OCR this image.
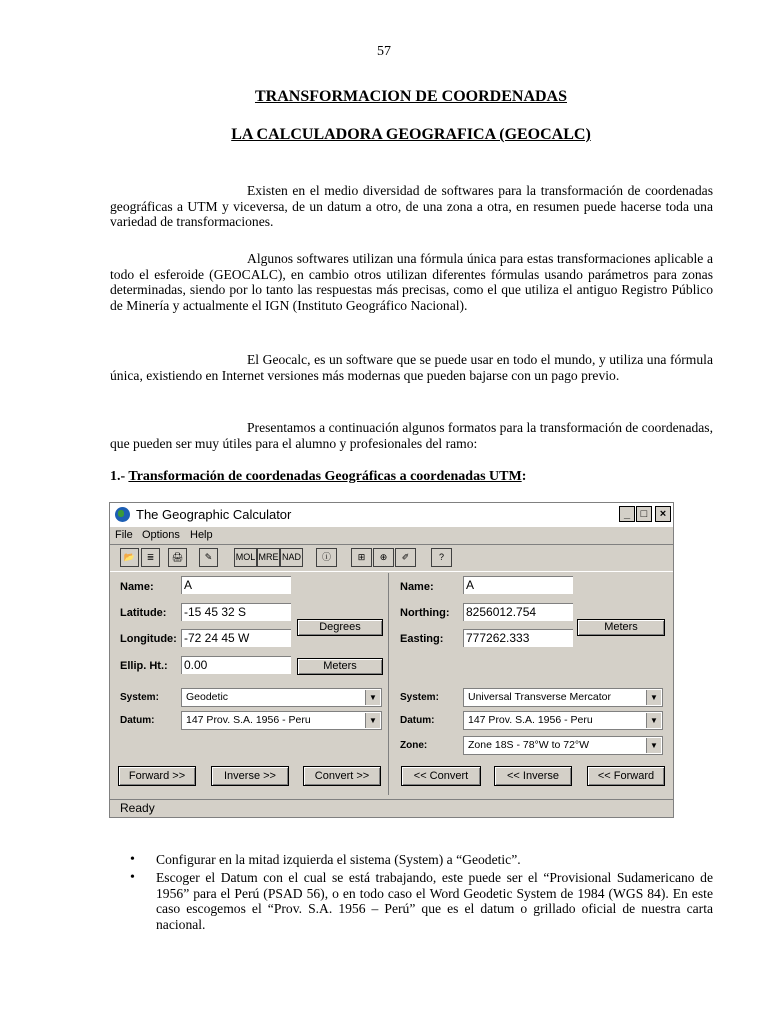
57
TRANSFORMACION DE COORDENADAS
LA CALCULADORA GEOGRAFICA (GEOCALC)

Existen en el medio diversidad de softwares para la transformación de coordenadas geográficas a UTM y viceversa, de un datum a otro, de una zona a otra, en resumen puede hacerse toda una variedad de transformaciones.

Algunos softwares utilizan una fórmula única para estas transformaciones aplicable a todo el esferoide (GEOCALC), en cambio otros utilizan diferentes fórmulas usando parámetros para zonas determinadas, siendo por lo tanto las respuestas más precisas, como el que utiliza el antiguo Registro Público de Minería y actualmente el IGN (Instituto Geográfico Nacional).

El Geocalc, es un software que se puede usar en todo el mundo, y utiliza una fórmula única, existiendo en Internet versiones más modernas que pueden bajarse con un pago previo.

Presentamos a continuación algunos formatos para la transformación de coordenadas, que pueden ser muy útiles para el alumno y profesionales del ramo:

1.- Transformación de coordenadas Geográficas a coordenadas UTM:
The Geographic Calculator	_ □	×
File Options Help
📂	≣	🖨	✎	MOL MRE NAD	ⓘ	⊞	⊕	✐	?
Name:	A
Latitude: -15 45 32 S
Longitude: -72 24 45 W
Degrees
Ellip. Ht.: 0.00	Meters
System:	Geodetic	▼
Datum:	147 Prov. S.A. 1956 - Peru	▼
Name:	A
Northing: 8256012.754
Easting: 777262.333
Meters
System:	Universal Transverse Mercator	▼
Datum:	147 Prov. S.A. 1956 - Peru	▼
Zone:	Zone 18S - 78°W to 72°W	▼
Forward >>	Inverse >>	Convert >>	<< Convert	<< Inverse	<< Forward
Ready
• Configurar en la mitad izquierda el sistema (System) a “Geodetic”.

• Escoger el Datum con el cual se está trabajando, este puede ser el “Provisional Sudamericano de 1956” para el Perú (PSAD 56), o en todo caso el Word Geodetic System de 1984 (WGS 84). En este caso escogemos el “Prov. S.A. 1956 – Perú” que es el datum o grillado oficial de nuestra carta nacional.
